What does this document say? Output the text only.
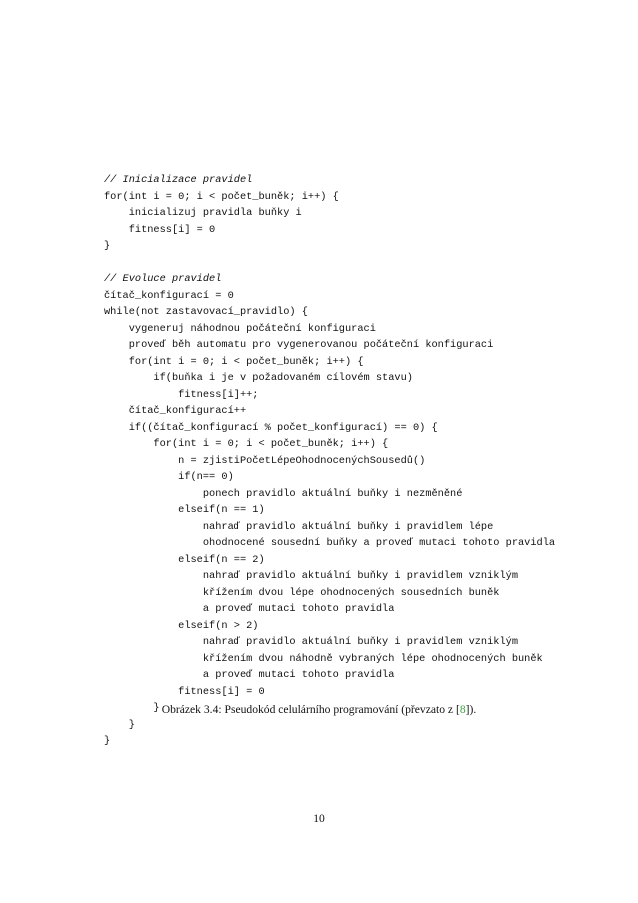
// Inicializace pravidel
for(int i = 0; i < počet_buněk; i++) {
inicializuj pravidla buňky i
fitness[i] = 0
}
// Evoluce pravidel
čítač_konfigurací = 0
while(not zastavovací_pravidlo) {
vygeneruj náhodnou počáteční konfiguraci
proveď běh automatu pro vygenerovanou počáteční konfiguraci
for(int i = 0; i < počet_buněk; i++) {
if(buňka i je v požadovaném cílovém stavu)
fitness[i]++;
čítač_konfigurací++
if((čítač_konfigurací % počet_konfigurací) == 0) {
for(int i = 0; i < počet_buněk; i++) {
n = zjistiPočetLépeOhodnocenýchSousedů()
if(n== 0)
ponech pravidlo aktuální buňky i nezměněné
elseif(n == 1)
nahraď pravidlo aktuální buňky i pravidlem lépe
ohodnocené sousední buňky a proveď mutaci tohoto pravidla
elseif(n == 2)
nahraď pravidlo aktuální buňky i pravidlem vzniklým
křížením dvou lépe ohodnocených sousedních buněk
a proveď mutaci tohoto pravidla
elseif(n > 2)
nahraď pravidlo aktuální buňky i pravidlem vzniklým
křížením dvou náhodně vybraných lépe ohodnocených buněk
a proveď mutaci tohoto pravidla
fitness[i] = 0
}
}
}
Obrázek 3.4: Pseudokód celulárního programování (převzato z [8]).
10
